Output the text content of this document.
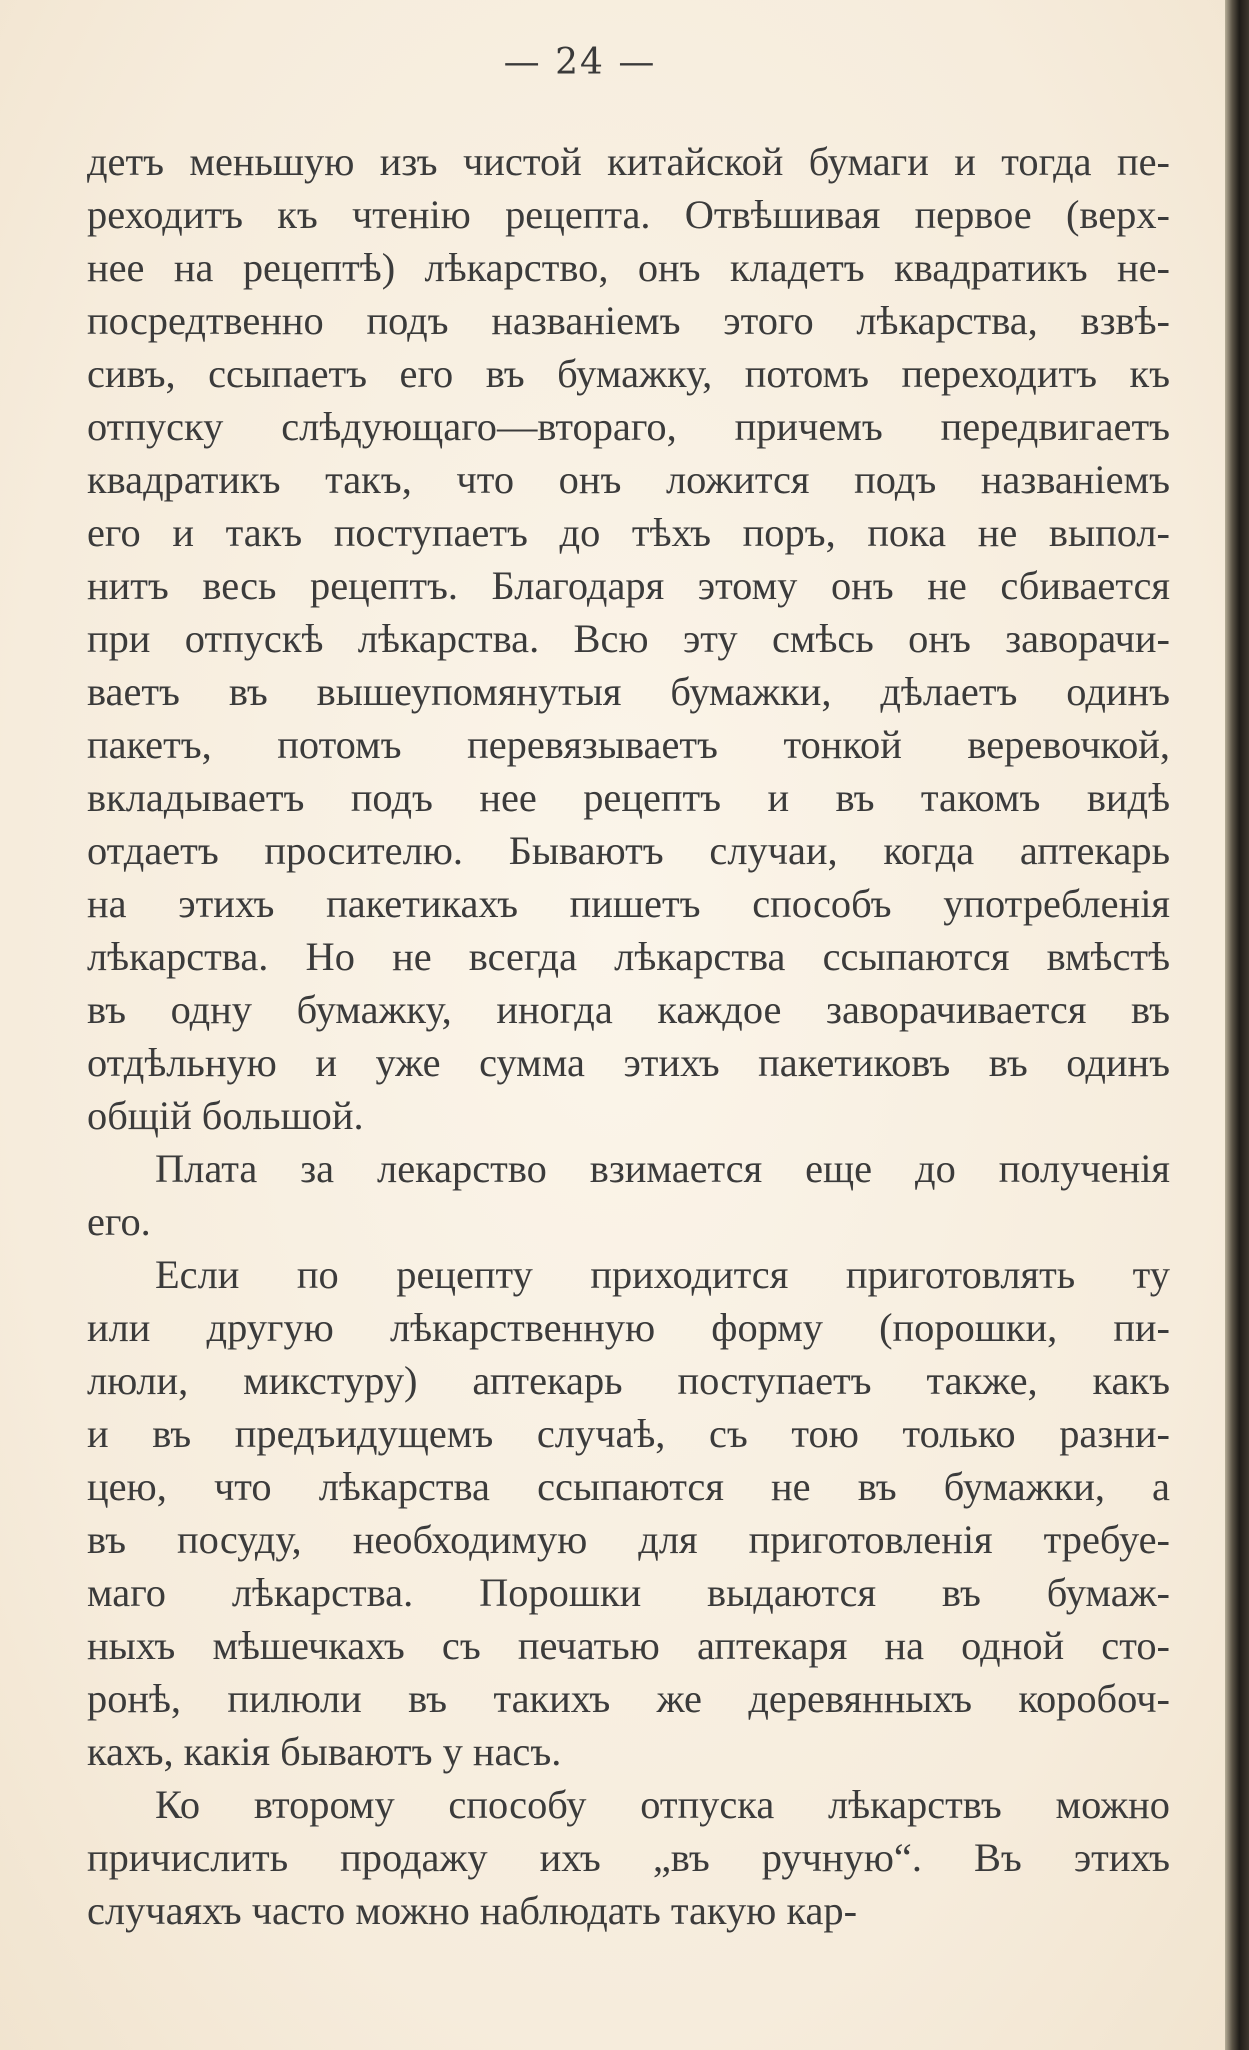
— 24 —
детъ меньшую изъ чистой китайской бумаги и тогда пе-
реходитъ къ чтенію рецепта. Отвѣшивая первое (верх-
нее на рецептѣ) лѣкарство, онъ кладетъ квадратикъ не-
посредтвенно подъ названіемъ этого лѣкарства, взвѣ-
сивъ, ссыпаетъ его въ бумажку, потомъ переходитъ къ
отпуску слѣдующаго—втораго, причемъ передвигаетъ
квадратикъ такъ, что онъ ложится подъ названіемъ
его и такъ поступаетъ до тѣхъ поръ, пока не выпол-
нитъ весь рецептъ. Благодаря этому онъ не сбивается
при отпускѣ лѣкарства. Всю эту смѣсь онъ заворачи-
ваетъ въ вышеупомянутыя бумажки, дѣлаетъ одинъ
пакетъ, потомъ перевязываетъ тонкой веревочкой,
вкладываетъ подъ нее рецептъ и въ такомъ видѣ
отдаетъ просителю. Бываютъ случаи, когда аптекарь
на этихъ пакетикахъ пишетъ способъ употребленія
лѣкарства. Но не всегда лѣкарства ссыпаются вмѣстѣ
въ одну бумажку, иногда каждое заворачивается въ
отдѣльную и уже сумма этихъ пакетиковъ въ одинъ
общій большой.
Плата за лекарство взимается еще до полученія
его.
Если по рецепту приходится приготовлять ту
или другую лѣкарственную форму (порошки, пи-
люли, микстуру) аптекарь поступаетъ также, какъ
и въ предъидущемъ случаѣ, съ тою только разни-
цею, что лѣкарства ссыпаются не въ бумажки, а
въ посуду, необходимую для приготовленія требуе-
маго лѣкарства. Порошки выдаются въ бумаж-
ныхъ мѣшечкахъ съ печатью аптекаря на одной сто-
ронѣ, пилюли въ такихъ же деревянныхъ коробоч-
кахъ, какія бываютъ у насъ.
Ко второму способу отпуска лѣкарствъ можно
причислить продажу ихъ „въ ручную“. Въ этихъ
случаяхъ часто можно наблюдать такую кар-
